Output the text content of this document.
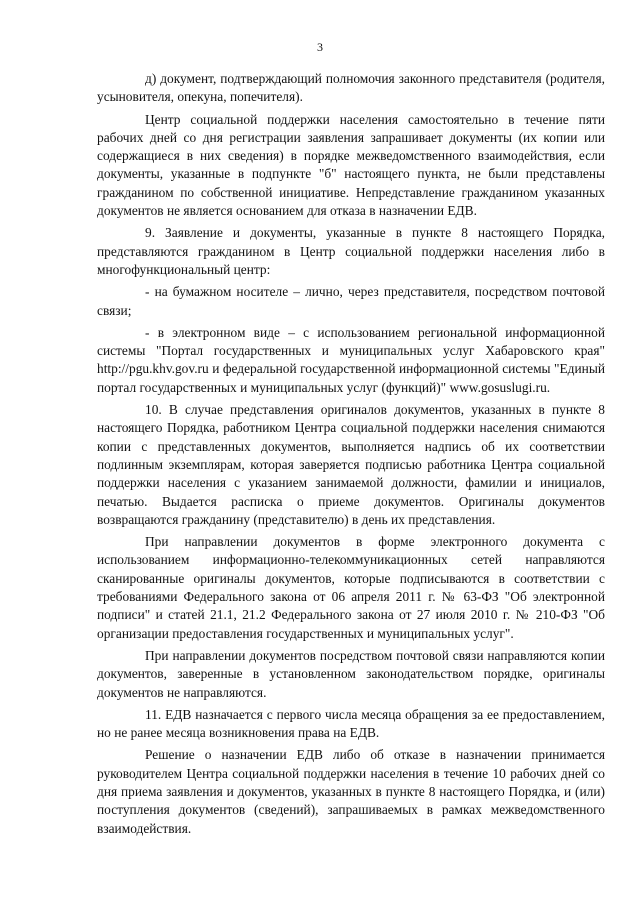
3

д) документ, подтверждающий полномочия законного представителя (родителя, усыновителя, опекуна, попечителя).

Центр социальной поддержки населения самостоятельно в течение пяти рабочих дней со дня регистрации заявления запрашивает документы (их копии или содержащиеся в них сведения) в порядке межведомственного взаимодействия, если документы, указанные в подпункте "б" настоящего пункта, не были представлены гражданином по собственной инициативе. Непредставление гражданином указанных документов не является основанием для отказа в назначении ЕДВ.

9. Заявление и документы, указанные в пункте 8 настоящего Порядка, представляются гражданином в Центр социальной поддержки населения либо в многофункциональный центр:

- на бумажном носителе – лично, через представителя, посредством почтовой связи;

- в электронном виде – с использованием региональной информационной системы "Портал государственных и муниципальных услуг Хабаровского края" http://pgu.khv.gov.ru и федеральной государственной информационной системы "Единый портал государственных и муниципальных услуг (функций)" www.gosuslugi.ru.

10. В случае представления оригиналов документов, указанных в пункте 8 настоящего Порядка, работником Центра социальной поддержки населения снимаются копии с представленных документов, выполняется надпись об их соответствии подлинным экземплярам, которая заверяется подписью работника Центра социальной поддержки населения с указанием занимаемой должности, фамилии и инициалов, печатью. Выдается расписка о приеме документов. Оригиналы документов возвращаются гражданину (представителю) в день их представления.

При направлении документов в форме электронного документа с использованием информационно-телекоммуникационных сетей направляются сканированные оригиналы документов, которые подписываются в соответствии с требованиями Федерального закона от 06 апреля 2011 г. № 63-ФЗ "Об электронной подписи" и статей 21.1, 21.2 Федерального закона от 27 июля 2010 г. № 210-ФЗ "Об организации предоставления государственных и муниципальных услуг".

При направлении документов посредством почтовой связи направляются копии документов, заверенные в установленном законодательством порядке, оригиналы документов не направляются.

11. ЕДВ назначается с первого числа месяца обращения за ее предоставлением, но не ранее месяца возникновения права на ЕДВ.

Решение о назначении ЕДВ либо об отказе в назначении принимается руководителем Центра социальной поддержки населения в течение 10 рабочих дней со дня приема заявления и документов, указанных в пункте 8 настоящего Порядка, и (или) поступления документов (сведений), запрашиваемых в рамках межведомственного взаимодействия.
